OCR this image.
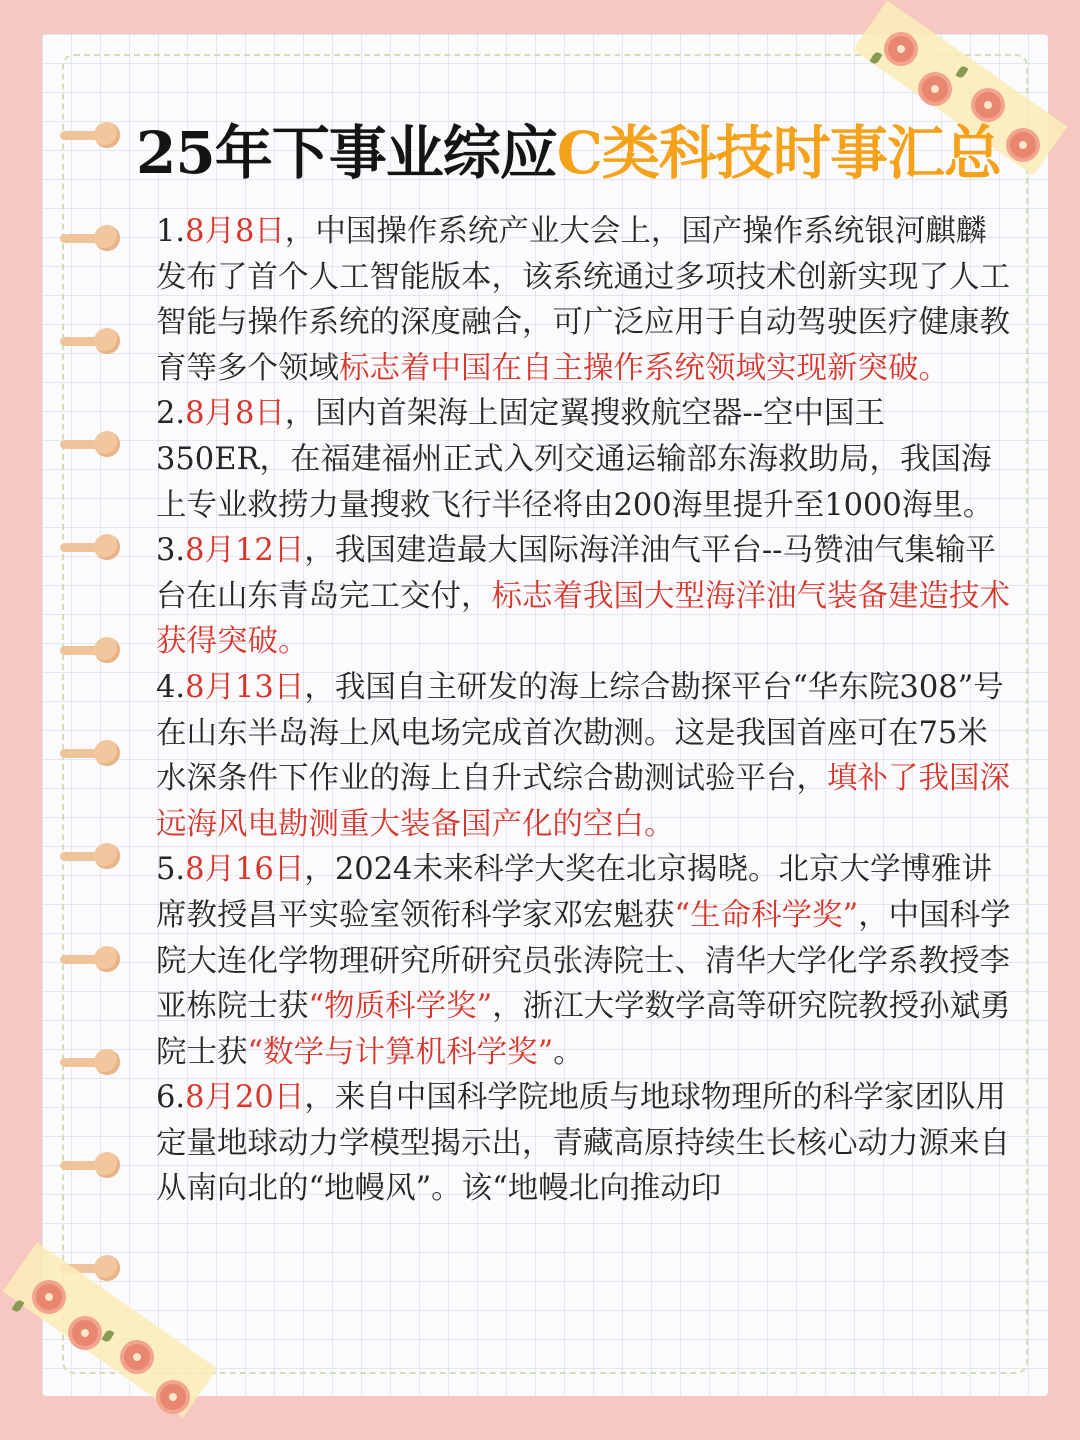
25年下事业综应C类科技时事汇总

1.8月8日，中国操作系统产业大会上，国产操作系统银河麒麟发布了首个人工智能版本，该系统通过多项技术创新实现了人工智能与操作系统的深度融合，可广泛应用于自动驾驶医疗健康教育等多个领域标志着中国在自主操作系统领域实现新突破。

2.8月8日，国内首架海上固定翼搜救航空器--空中国王350ER，在福建福州正式入列交通运输部东海救助局，我国海上专业救捞力量搜救飞行半径将由200海里提升至1000海里。

3.8月12日，我国建造最大国际海洋油气平台--马赞油气集输平台在山东青岛完工交付，标志着我国大型海洋油气装备建造技术获得突破。

4.8月13日，我国自主研发的海上综合勘探平台“华东院308”号在山东半岛海上风电场完成首次勘测。这是我国首座可在75米水深条件下作业的海上自升式综合勘测试验平台，填补了我国深远海风电勘测重大装备国产化的空白。

5.8月16日，2024未来科学大奖在北京揭晓。北京大学博雅讲席教授昌平实验室领衔科学家邓宏魁获“生命科学奖”，中国科学院大连化学物理研究所研究员张涛院士、清华大学化学系教授李亚栋院士获“物质科学奖”，浙江大学数学高等研究院教授孙斌勇院士获“数学与计算机科学奖”。

6.8月20日，来自中国科学院地质与地球物理所的科学家团队用定量地球动力学模型揭示出，青藏高原持续生长核心动力源来自从南向北的“地幔风”。该“地幔北向推动印
